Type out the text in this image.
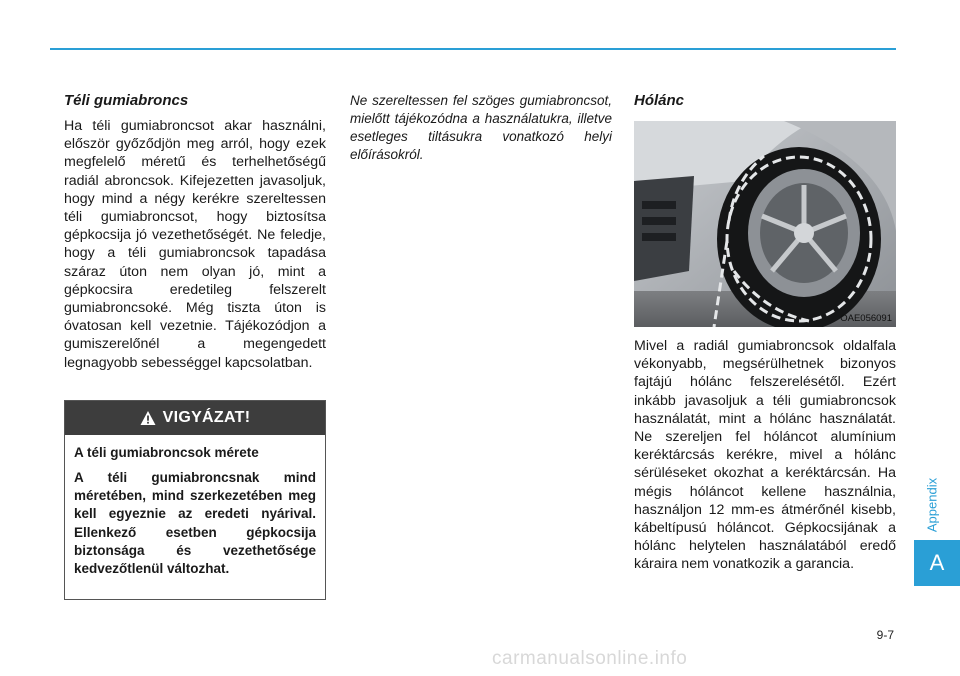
Téli gumiabroncs

Ha téli gumiabroncsot akar használni, először győződjön meg arról, hogy ezek megfelelő méretű és terhelhetőségű radiál abroncsok. Kifejezetten javasoljuk, hogy mind a négy kerékre szereltessen téli gumiabroncsot, hogy biztosítsa gépkocsija jó vezethetőségét. Ne feledje, hogy a téli gumiabroncsok tapadása száraz úton nem olyan jó, mint a gépkocsira eredetileg felszerelt gumiabroncsoké. Még tiszta úton is óvatosan kell vezetnie. Tájékozódjon a gumiszerelőnél a megengedett legnagyobb sebességgel kapcsolatban.

VIGYÁZAT!

A téli gumiabroncsok mérete

A téli gumiabroncsnak mind méretében, mind szerkezetében meg kell egyeznie az eredeti nyárival. Ellenkező esetben gépkocsija biztonsága és vezethetősége kedvezőtlenül változhat.

Ne szereltessen fel szöges gumiabroncsot, mielőtt tájékozódna a használatukra, illetve esetleges tiltásukra vonatkozó helyi előírásokról.

Hólánc
OAE056091

Mivel a radiál gumiabroncsok oldalfala vékonyabb, megsérülhetnek bizonyos fajtájú hólánc felszerelésétől. Ezért inkább javasoljuk a téli gumiabroncsok használatát, mint a hólánc használatát. Ne szereljen fel hóláncot alumínium keréktárcsás kerékre, mivel a hólánc sérüléseket okozhat a keréktárcsán. Ha mégis hóláncot kellene használnia, használjon 12 mm-es átmérőnél kisebb, kábeltípusú hóláncot. Gépkocsijának a hólánc helytelen használatából eredő káraira nem vonatkozik a garancia.

Appendix
A
9-7
carmanualsonline.info
